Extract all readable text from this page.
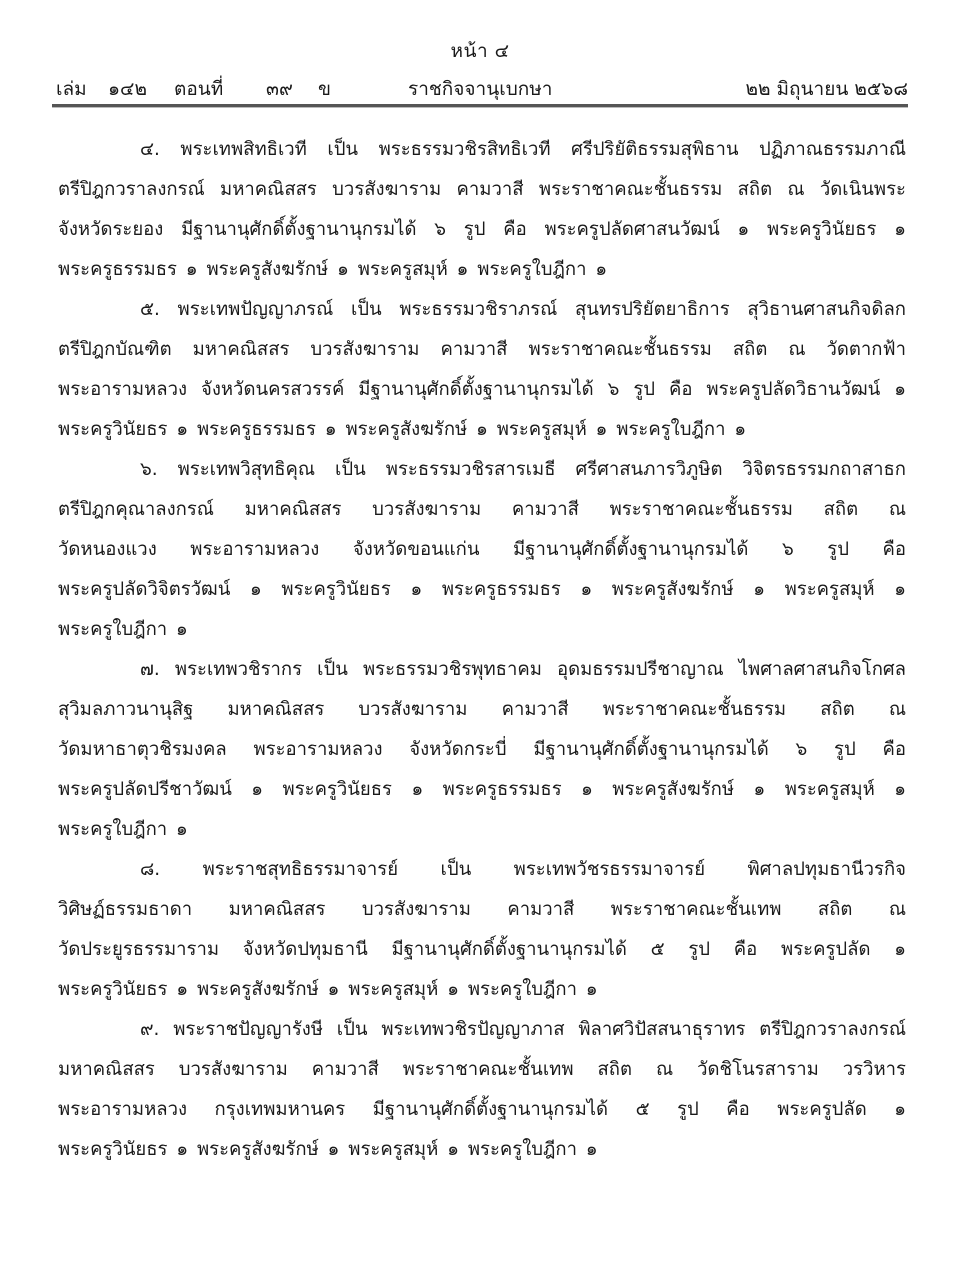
หน้า ๔
เล่ม ๑๔๒ ตอนที่ ๓๙ ข	ราชกิจจานุเบกษา	๒๒ มิถุนายน ๒๕๖๘
๔. พระเทพสิทธิเวที เป็น พระธรรมวชิรสิทธิเวที ศรีปริยัติธรรมสุพิธาน ปฏิภาณธรรมภาณี
ตรีปิฎกวราลงกรณ์ มหาคณิสสร บวรสังฆาราม คามวาสี พระราชาคณะชั้นธรรม สถิต ณ วัดเนินพระ
จังหวัดระยอง มีฐานานุศักดิ์ตั้งฐานานุกรมได้ ๖ รูป คือ พระครูปลัดศาสนวัฒน์ ๑ พระครูวินัยธร ๑
พระครูธรรมธร ๑ พระครูสังฆรักษ์ ๑ พระครูสมุห์ ๑ พระครูใบฎีกา ๑
๕. พระเทพปัญญาภรณ์ เป็น พระธรรมวชิราภรณ์ สุนทรปริยัตยาธิการ สุวิธานศาสนกิจดิลก
ตรีปิฎกบัณฑิต มหาคณิสสร บวรสังฆาราม คามวาสี พระราชาคณะชั้นธรรม สถิต ณ วัดตากฟ้า
พระอารามหลวง จังหวัดนครสวรรค์ มีฐานานุศักดิ์ตั้งฐานานุกรมได้ ๖ รูป คือ พระครูปลัดวิธานวัฒน์ ๑
พระครูวินัยธร ๑ พระครูธรรมธร ๑ พระครูสังฆรักษ์ ๑ พระครูสมุห์ ๑ พระครูใบฎีกา ๑
๖. พระเทพวิสุทธิคุณ เป็น พระธรรมวชิรสารเมธี ศรีศาสนภารวิภูษิต วิจิตรธรรมกถาสาธก
ตรีปิฎกคุณาลงกรณ์ มหาคณิสสร บวรสังฆาราม คามวาสี พระราชาคณะชั้นธรรม สถิต ณ
วัดหนองแวง พระอารามหลวง จังหวัดขอนแก่น มีฐานานุศักดิ์ตั้งฐานานุกรมได้ ๖ รูป คือ
พระครูปลัดวิจิตรวัฒน์ ๑ พระครูวินัยธร ๑ พระครูธรรมธร ๑ พระครูสังฆรักษ์ ๑ พระครูสมุห์ ๑
พระครูใบฎีกา ๑
๗. พระเทพวชิรากร เป็น พระธรรมวชิรพุทธาคม อุดมธรรมปรีชาญาณ ไพศาลศาสนกิจโกศล
สุวิมลภาวนานุสิฐ มหาคณิสสร บวรสังฆาราม คามวาสี พระราชาคณะชั้นธรรม สถิต ณ
วัดมหาธาตุวชิรมงคล พระอารามหลวง จังหวัดกระบี่ มีฐานานุศักดิ์ตั้งฐานานุกรมได้ ๖ รูป คือ
พระครูปลัดปรีชาวัฒน์ ๑ พระครูวินัยธร ๑ พระครูธรรมธร ๑ พระครูสังฆรักษ์ ๑ พระครูสมุห์ ๑
พระครูใบฎีกา ๑
๘. พระราชสุทธิธรรมาจารย์ เป็น พระเทพวัชรธรรมาจารย์ พิศาลปทุมธานีวรกิจ
วิศิษฏ์ธรรมธาดา มหาคณิสสร บวรสังฆาราม คามวาสี พระราชาคณะชั้นเทพ สถิต ณ
วัดประยูรธรรมาราม จังหวัดปทุมธานี มีฐานานุศักดิ์ตั้งฐานานุกรมได้ ๕ รูป คือ พระครูปลัด ๑
พระครูวินัยธร ๑ พระครูสังฆรักษ์ ๑ พระครูสมุห์ ๑ พระครูใบฎีกา ๑
๙. พระราชปัญญารังษี เป็น พระเทพวชิรปัญญาภาส พิลาศวิปัสสนาธุราทร ตรีปิฎกวราลงกรณ์
มหาคณิสสร บวรสังฆาราม คามวาสี พระราชาคณะชั้นเทพ สถิต ณ วัดชิโนรสาราม วรวิหาร
พระอารามหลวง กรุงเทพมหานคร มีฐานานุศักดิ์ตั้งฐานานุกรมได้ ๕ รูป คือ พระครูปลัด ๑
พระครูวินัยธร ๑ พระครูสังฆรักษ์ ๑ พระครูสมุห์ ๑ พระครูใบฎีกา ๑
